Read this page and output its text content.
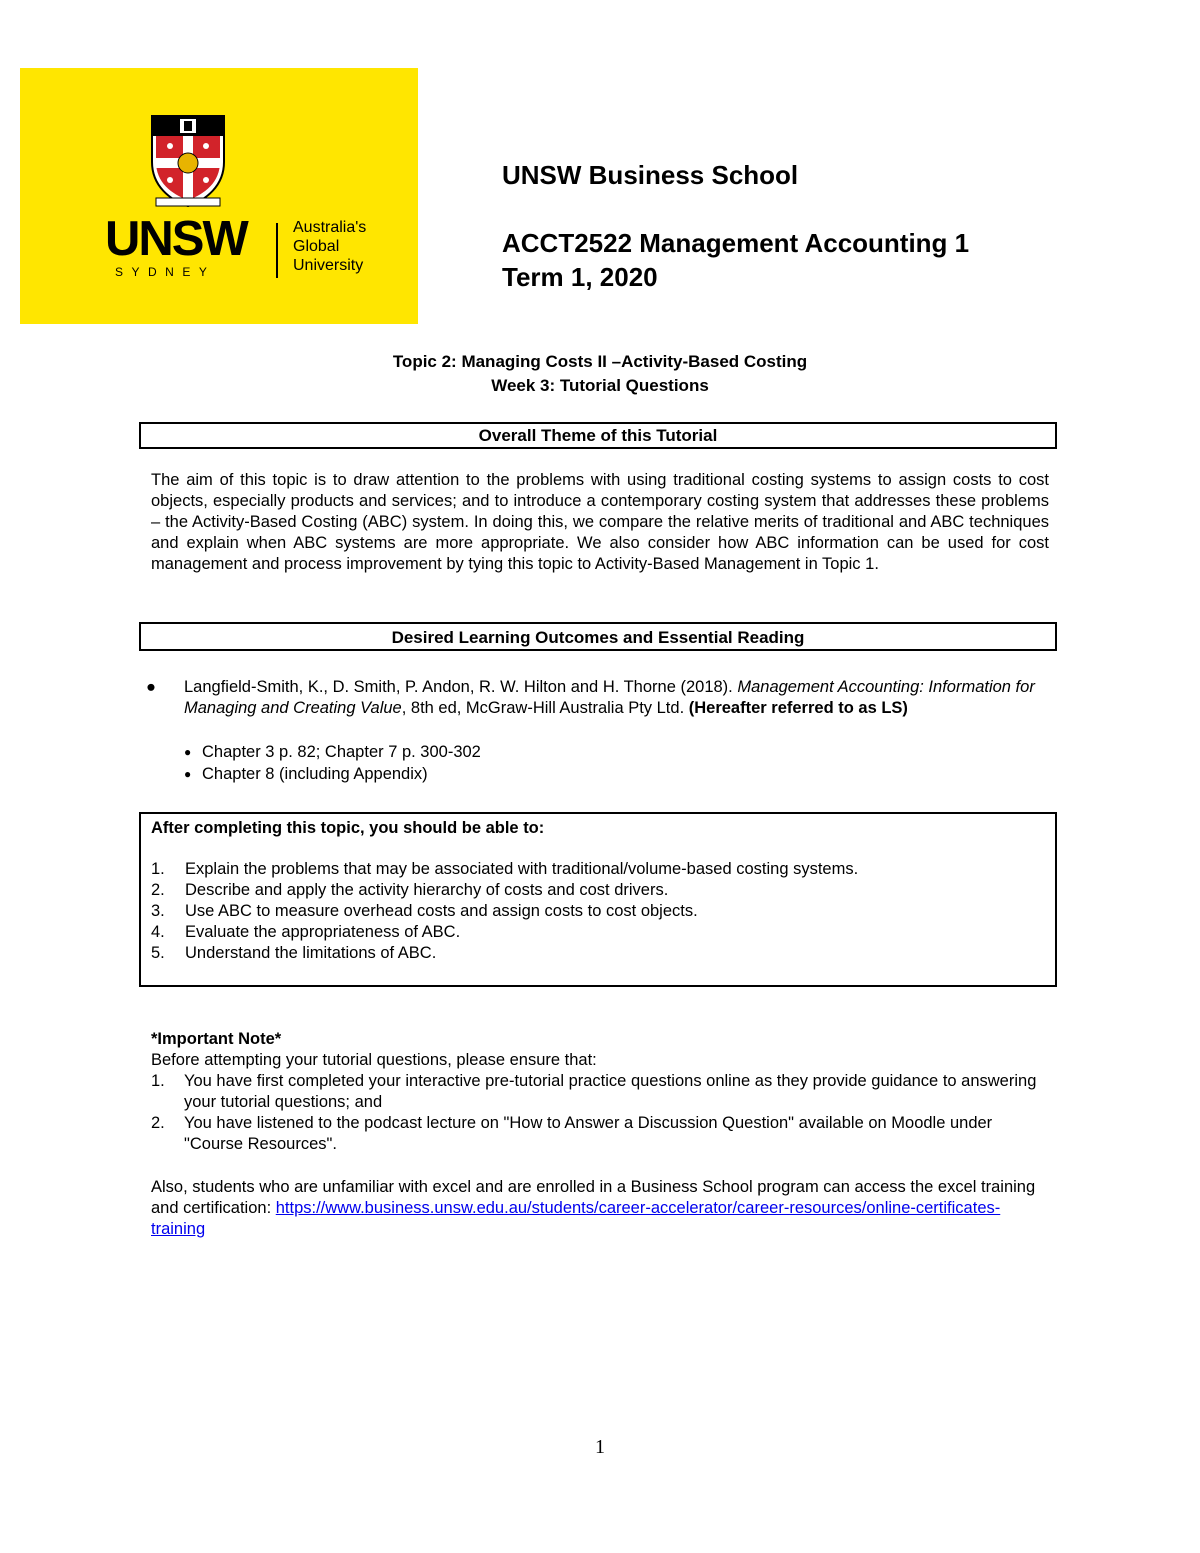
UNSW
SYDNEY
Australia's
Global
University
UNSW Business School
ACCT2522 Management Accounting 1
Term 1, 2020
Topic 2: Managing Costs II –Activity-Based Costing
Week 3: Tutorial Questions
Overall Theme of this Tutorial
The aim of this topic is to draw attention to the problems with using traditional costing systems to assign costs to cost objects, especially products and services; and to introduce a contemporary costing system that addresses these problems – the Activity-Based Costing (ABC) system. In doing this, we compare the relative merits of traditional and ABC techniques and explain when ABC systems are more appropriate. We also consider how ABC information can be used for cost management and process improvement by tying this topic to Activity-Based Management in Topic 1.
Desired Learning Outcomes and Essential Reading
● Langfield-Smith, K., D. Smith, P. Andon, R. W. Hilton and H. Thorne (2018). Management Accounting: Information for Managing and Creating Value, 8th ed, McGraw-Hill Australia Pty Ltd. (Hereafter referred to as LS)
● Chapter 3 p. 82; Chapter 7 p. 300-302
● Chapter 8 (including Appendix)
After completing this topic, you should be able to:
1. Explain the problems that may be associated with traditional/volume-based costing systems.
2. Describe and apply the activity hierarchy of costs and cost drivers.
3. Use ABC to measure overhead costs and assign costs to cost objects.
4. Evaluate the appropriateness of ABC.
5. Understand the limitations of ABC.
*Important Note*
Before attempting your tutorial questions, please ensure that:
1. You have first completed your interactive pre-tutorial practice questions online as they provide guidance to answering your tutorial questions; and
2. You have listened to the podcast lecture on "How to Answer a Discussion Question" available on Moodle under "Course Resources".
Also, students who are unfamiliar with excel and are enrolled in a Business School program can access the excel training and certification: https://www.business.unsw.edu.au/students/career-accelerator/career-resources/online-certificates-training
1
